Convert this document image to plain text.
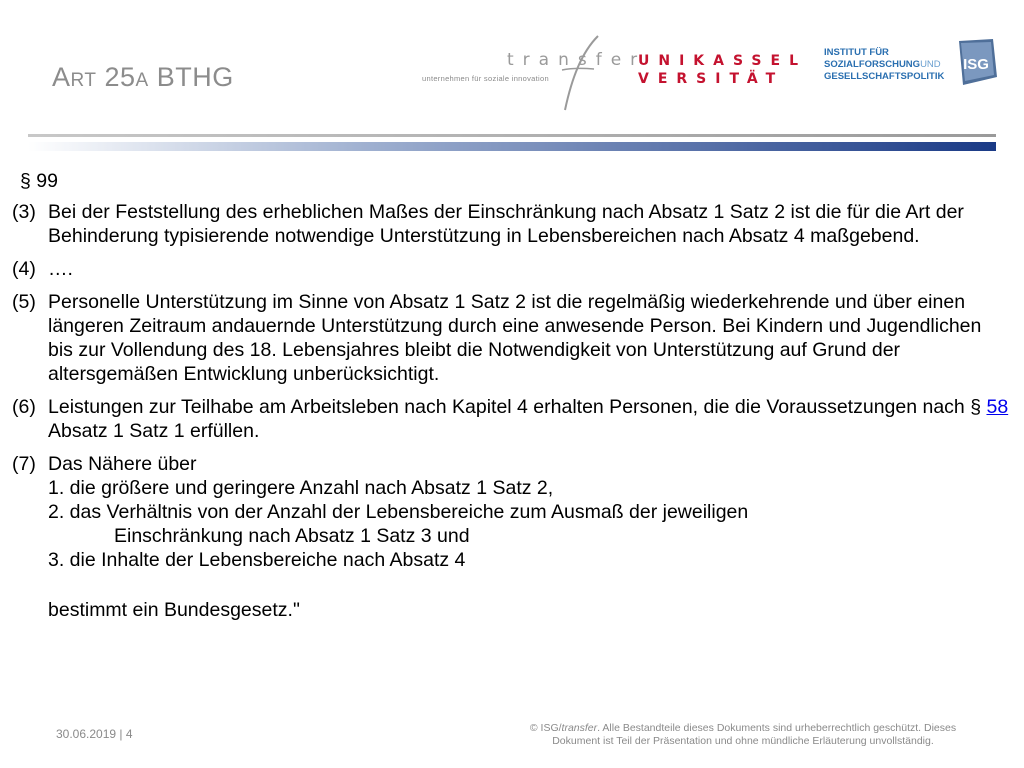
Art 25a BTHG
transfer
unternehmen für soziale innovation
UNIKASSEL
VERSITÄT
INSTITUT FÜR
SOZIALFORSCHUNGUND
GESELLSCHAFTSPOLITIK
ISG
§ 99
(3) Bei der Feststellung des erheblichen Maßes der Einschränkung nach Absatz 1 Satz 2 ist die für die Art der Behinderung typisierende notwendige Unterstützung in Lebensbereichen nach Absatz 4 maßgebend.
(4) ….
(5) Personelle Unterstützung im Sinne von Absatz 1 Satz 2 ist die regelmäßig wiederkehrende und über einen längeren Zeitraum andauernde Unterstützung durch eine anwesende Person. Bei Kindern und Jugendlichen bis zur Vollendung des 18. Lebensjahres bleibt die Notwendigkeit von Unterstützung auf Grund der altersgemäßen Entwicklung unberücksichtigt.
(6) Leistungen zur Teilhabe am Arbeitsleben nach Kapitel 4 erhalten Personen, die die Voraussetzungen nach § 58 Absatz 1 Satz 1 erfüllen.
(7) Das Nähere über
1. die größere und geringere Anzahl nach Absatz 1 Satz 2,
2. das Verhältnis von der Anzahl der Lebensbereiche zum Ausmaß der jeweiligen
Einschränkung nach Absatz 1 Satz 3 und
3. die Inhalte der Lebensbereiche nach Absatz 4
bestimmt ein Bundesgesetz."
30.06.2019 | 4	© ISG/transfer. Alle Bestandteile dieses Dokuments sind urheberrechtlich geschützt. Dieses Dokument ist Teil der Präsentation und ohne mündliche Erläuterung unvollständig.
